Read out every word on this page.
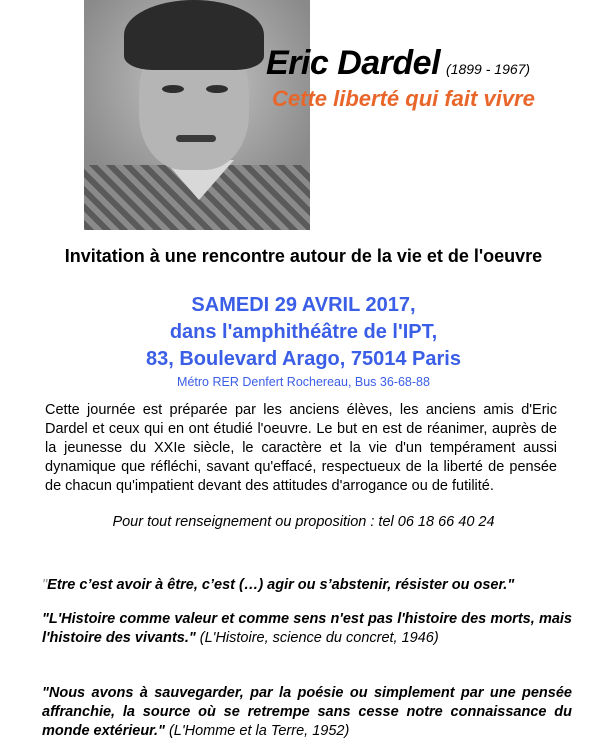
Eric Dardel (1899 - 1967)
Cette liberté qui fait vivre
Invitation à une rencontre autour de la vie et de l'oeuvre
SAMEDI 29 AVRIL 2017,
dans l'amphithéâtre de l'IPT,
83, Boulevard Arago, 75014 Paris
Métro RER Denfert Rochereau, Bus 36-68-88
Cette journée est préparée par les anciens élèves, les anciens amis d'Eric Dardel et ceux qui en ont étudié l'oeuvre. Le but en est de réanimer, auprès de la jeunesse du XXIe siècle, le caractère et la vie d'un tempérament aussi dynamique que réfléchi, savant qu'effacé, respectueux de la liberté de pensée de chacun qu'impatient devant des attitudes d'arrogance ou de futilité.
Pour tout renseignement ou proposition : tel 06 18 66 40 24
"Etre c’est avoir à être, c’est (…) agir ou s’abstenir, résister ou oser."
"L'Histoire comme valeur et comme sens n'est pas l'histoire des morts, mais l'histoire des vivants." (L'Histoire, science du concret, 1946)
"Nous avons à sauvegarder, par la poésie ou simplement par une pensée affranchie, la source où se retrempe sans cesse notre connaissance du monde extérieur." (L'Homme et la Terre, 1952)
